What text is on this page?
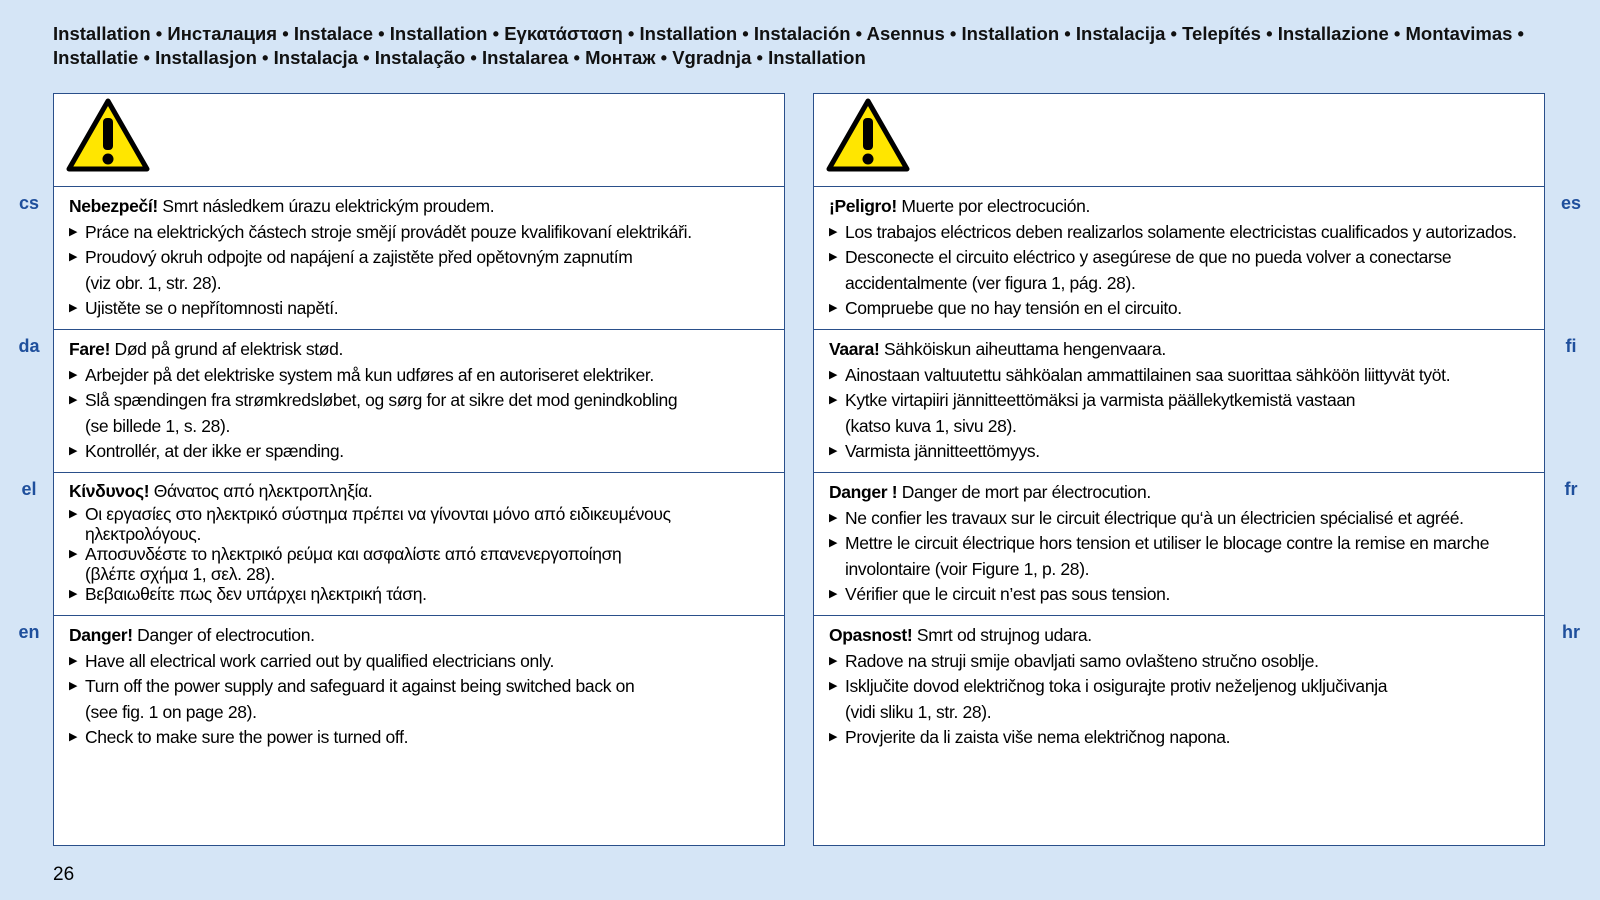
Installation • Инсталация • Instalace • Installation • Εγκατάσταση • Installation • Instalación • Asennus • Installation • Instalacija • Telepítés • Installazione • Montavimas • Installatie • Installasjon • Instalacja • Instalação • Instalarea • Монтаж • Vgradnja • Installation
Nebezpečí! Smrt následkem úrazu elektrickým proudem.
▶ Práce na elektrických částech stroje smějí provádět pouze kvalifikovaní elektrikáři.
▶ Proudový okruh odpojte od napájení a zajistěte před opětovným zapnutím
(viz obr. 1, str. 28).
▶ Ujistěte se o nepřítomnosti napětí.
Fare! Død på grund af elektrisk stød.
▶ Arbejder på det elektriske system må kun udføres af en autoriseret elektriker.
▶ Slå spændingen fra strømkredsløbet, og sørg for at sikre det mod genindkobling
(se billede 1, s. 28).
▶ Kontrollér, at der ikke er spænding.
Κίνδυνος! Θάνατος από ηλεκτροπληξία.
▶ Οι εργασίες στο ηλεκτρικό σύστημα πρέπει να γίνονται μόνο από ειδικευμένους
ηλεκτρολόγους.
▶ Αποσυνδέστε το ηλεκτρικό ρεύμα και ασφαλίστε από επανενεργοποίηση
(βλέπε σχήμα 1, σελ. 28).
▶ Βεβαιωθείτε πως δεν υπάρχει ηλεκτρική τάση.
Danger! Danger of electrocution.
▶ Have all electrical work carried out by qualified electricians only.
▶ Turn off the power supply and safeguard it against being switched back on
(see fig. 1 on page 28).
▶ Check to make sure the power is turned off.
¡Peligro! Muerte por electrocución.
▶ Los trabajos eléctricos deben realizarlos solamente electricistas cualificados y autorizados.
▶ Desconecte el circuito eléctrico y asegúrese de que no pueda volver a conectarse
accidentalmente (ver figura 1, pág. 28).
▶ Compruebe que no hay tensión en el circuito.
Vaara! Sähköiskun aiheuttama hengenvaara.
▶ Ainostaan valtuutettu sähköalan ammattilainen saa suorittaa sähköön liittyvät työt.
▶ Kytke virtapiiri jännitteettömäksi ja varmista päällekytkemistä vastaan
(katso kuva 1, sivu 28).
▶ Varmista jännitteettömyys.
Danger ! Danger de mort par électrocution.
▶ Ne confier les travaux sur le circuit électrique qu‘à un électricien spécialisé et agréé.
▶ Mettre le circuit électrique hors tension et utiliser le blocage contre la remise en marche
involontaire (voir Figure 1, p. 28).
▶ Vérifier que le circuit n’est pas sous tension.
Opasnost! Smrt od strujnog udara.
▶ Radove na struji smije obavljati samo ovlašteno stručno osoblje.
▶ Isključite dovod električnog toka i osigurajte protiv neželjenog uključivanja
(vidi sliku 1, str. 28).
▶ Provjerite da li zaista više nema električnog napona.
cs
da
el
en
es
fi
fr
hr
26
